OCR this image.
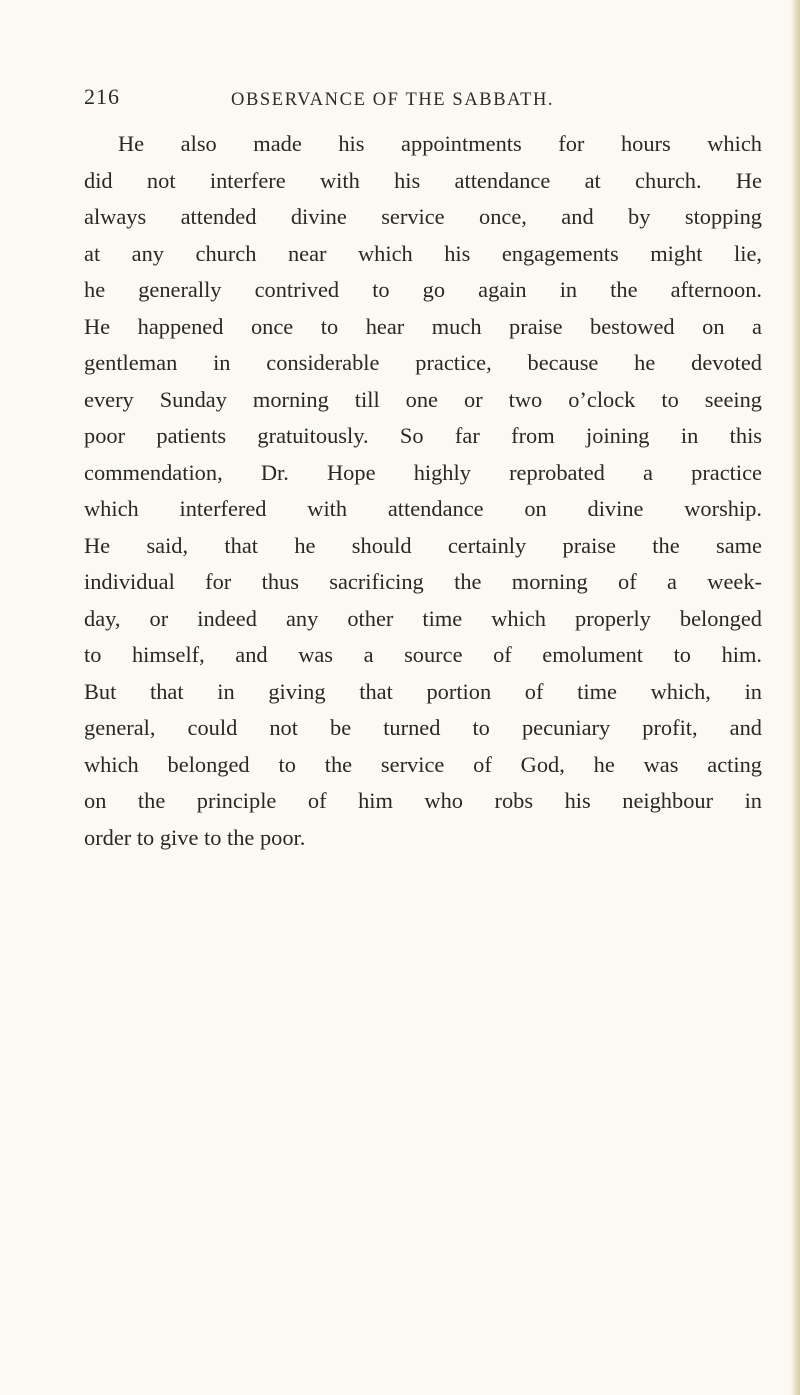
216	OBSERVANCE OF THE SABBATH.

He also made his appointments for hours which
did not interfere with his attendance at church. He
always attended divine service once, and by stopping
at any church near which his engagements might lie,
he generally contrived to go again in the afternoon.
He happened once to hear much praise bestowed on a
gentleman in considerable practice, because he devoted
every Sunday morning till one or two o’clock to seeing
poor patients gratuitously. So far from joining in this
commendation, Dr. Hope highly reprobated a practice
which interfered with attendance on divine worship.
He said, that he should certainly praise the same
individual for thus sacrificing the morning of a week-
day, or indeed any other time which properly belonged
to himself, and was a source of emolument to him.
But that in giving that portion of time which, in
general, could not be turned to pecuniary profit, and
which belonged to the service of God, he was acting
on the principle of him who robs his neighbour in
order to give to the poor.
